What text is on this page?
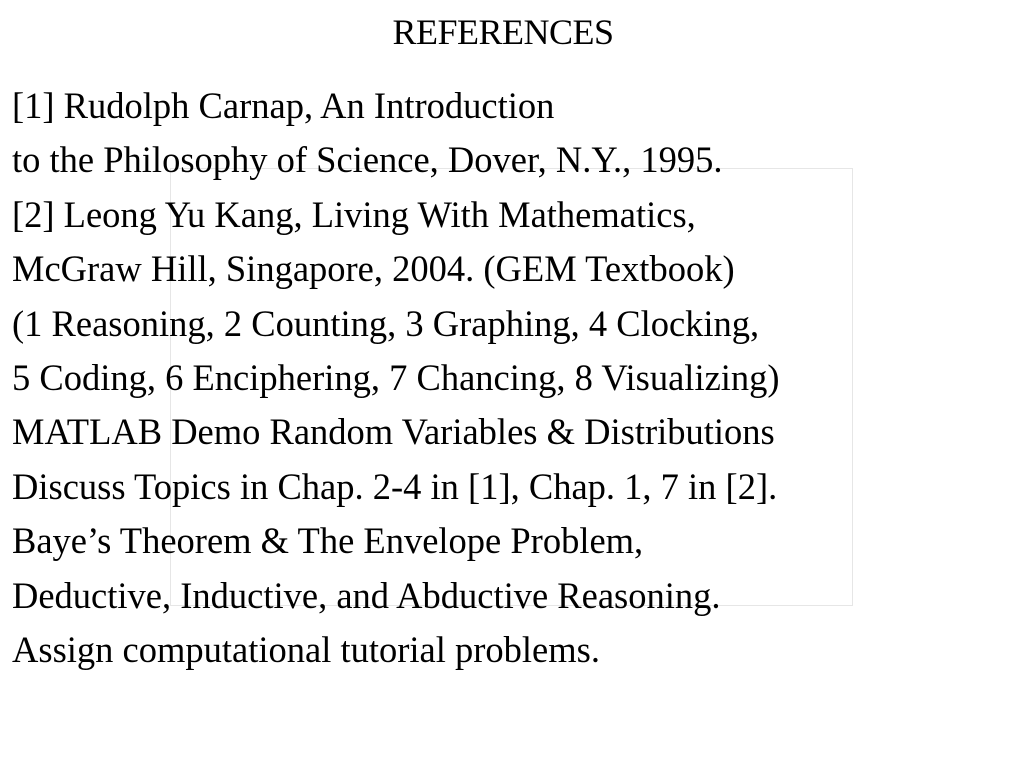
REFERENCES
[1] Rudolph Carnap, An Introduction
to the Philosophy of Science, Dover, N.Y., 1995.
[2] Leong Yu Kang, Living With Mathematics,
McGraw Hill, Singapore, 2004. (GEM Textbook)
(1 Reasoning, 2 Counting, 3 Graphing, 4 Clocking,
5 Coding, 6 Enciphering, 7 Chancing, 8 Visualizing)
MATLAB Demo Random Variables & Distributions
Discuss Topics in Chap. 2-4 in [1], Chap. 1, 7 in [2].
Baye’s Theorem & The Envelope Problem,
Deductive, Inductive, and Abductive Reasoning.
Assign computational tutorial problems.
